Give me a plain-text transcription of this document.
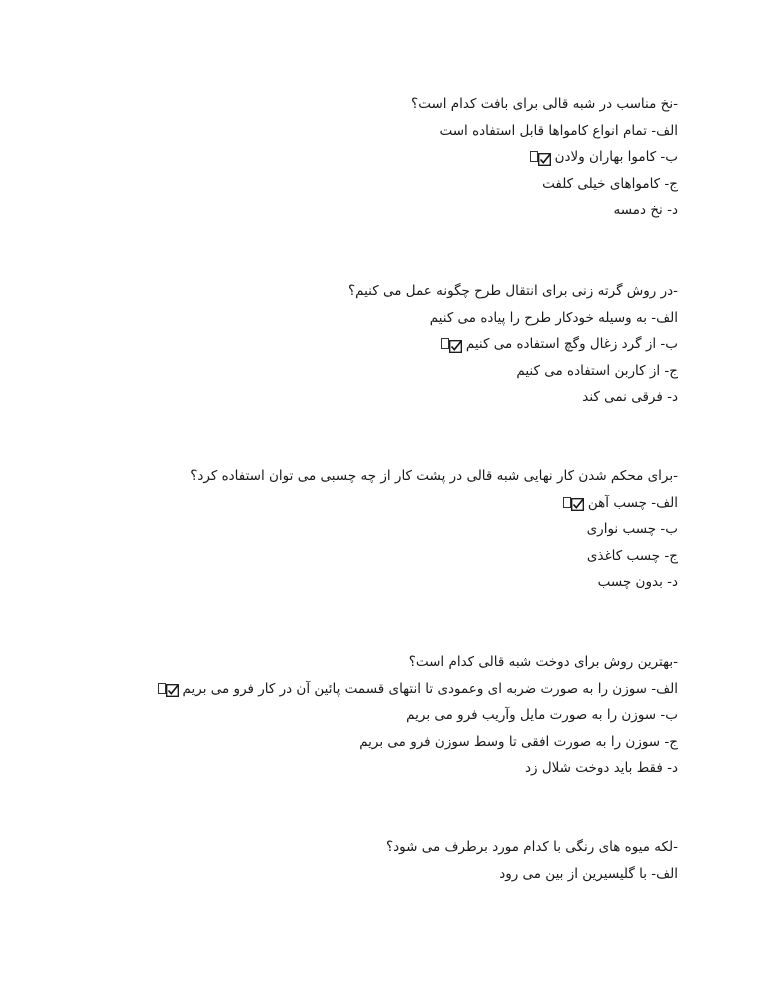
-نخ مناسب در شبه قالی برای بافت کدام است؟
الف- تمام انواع کاموا‌ها قابل استفاده است
ب- کاموا بهاران ولادن
ج- کامواهای خیلی کلفت
د- نخ دمسه
-در روش گرته زنی برای انتقال طرح چگونه عمل می کنیم؟
الف- به وسیله خودکار طرح را پیاده می کنیم
ب- از گرد زغال وگچ استفاده می کنیم
ج- از کاربن استفاده می کنیم
د- فرقی نمی کند
-برای محکم شدن کار نهایی شبه قالی در پشت کار از چه چسبی می توان استفاده کرد؟
الف- چسب آهن
ب- چسب نواری
ج- چسب کاغذی
د- بدون چسب
-بهترین روش برای دوخت شبه قالی کدام است؟
الف- سوزن را به صورت ضربه ای وعمودی تا انتهای قسمت پائین آن در کار فرو می بریم
ب- سوزن را به صورت مایل وآریب فرو می بریم
ج- سوزن را به صورت افقی تا وسط سوزن فرو می بریم
د- فقط باید دوخت شلال زد
-لکه میوه های رنگی با کدام مورد برطرف می شود؟
الف- با گلیسیرین از بین می رود
